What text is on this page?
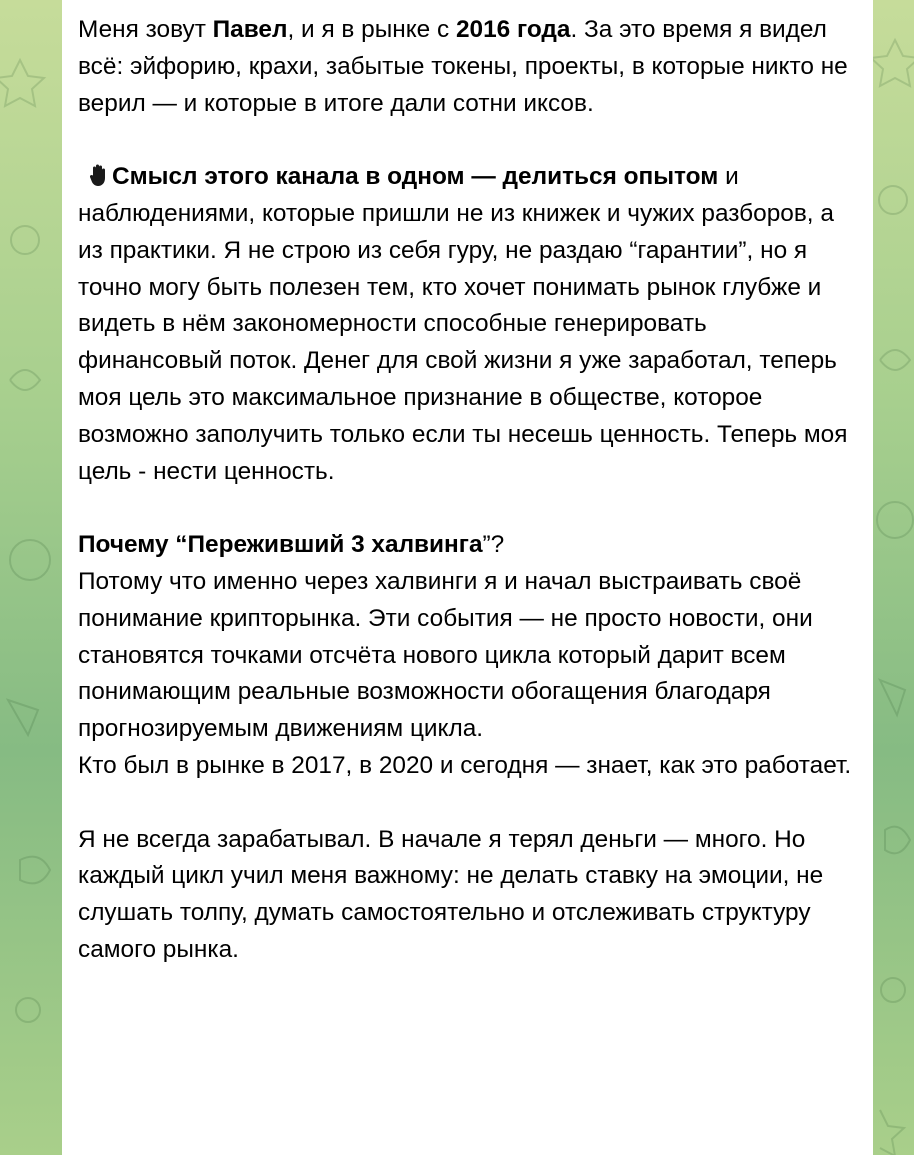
Меня зовут Павел, и я в рынке с 2016 года. За это время я видел всё: эйфорию, крахи, забытые токены, проекты, в которые никто не верил — и которые в итоге дали сотни иксов.

Смысл этого канала в одном — делиться опытом и наблюдениями, которые пришли не из книжек и чужих разборов, а из практики. Я не строю из себя гуру, не раздаю “гарантии”, но я точно могу быть полезен тем, кто хочет понимать рынок глубже и видеть в нём закономерности способные генерировать финансовый поток. Денег для свой жизни я уже заработал, теперь моя цель это максимальное признание в обществе, которое возможно заполучить только если ты несешь ценность. Теперь моя цель - нести ценность.

Почему “Переживший 3 халвинга”?

Потому что именно через халвинги я и начал выстраивать своё понимание крипторынка. Эти события — не просто новости, они становятся точками отсчёта нового цикла который дарит всем понимающим реальные возможности обогащения благодаря прогнозируемым движениям цикла.

Кто был в рынке в 2017, в 2020 и сегодня — знает, как это работает.

Я не всегда зарабатывал. В начале я терял деньги — много. Но каждый цикл учил меня важному: не делать ставку на эмоции, не слушать толпу, думать самостоятельно и отслеживать структуру самого рынка.
